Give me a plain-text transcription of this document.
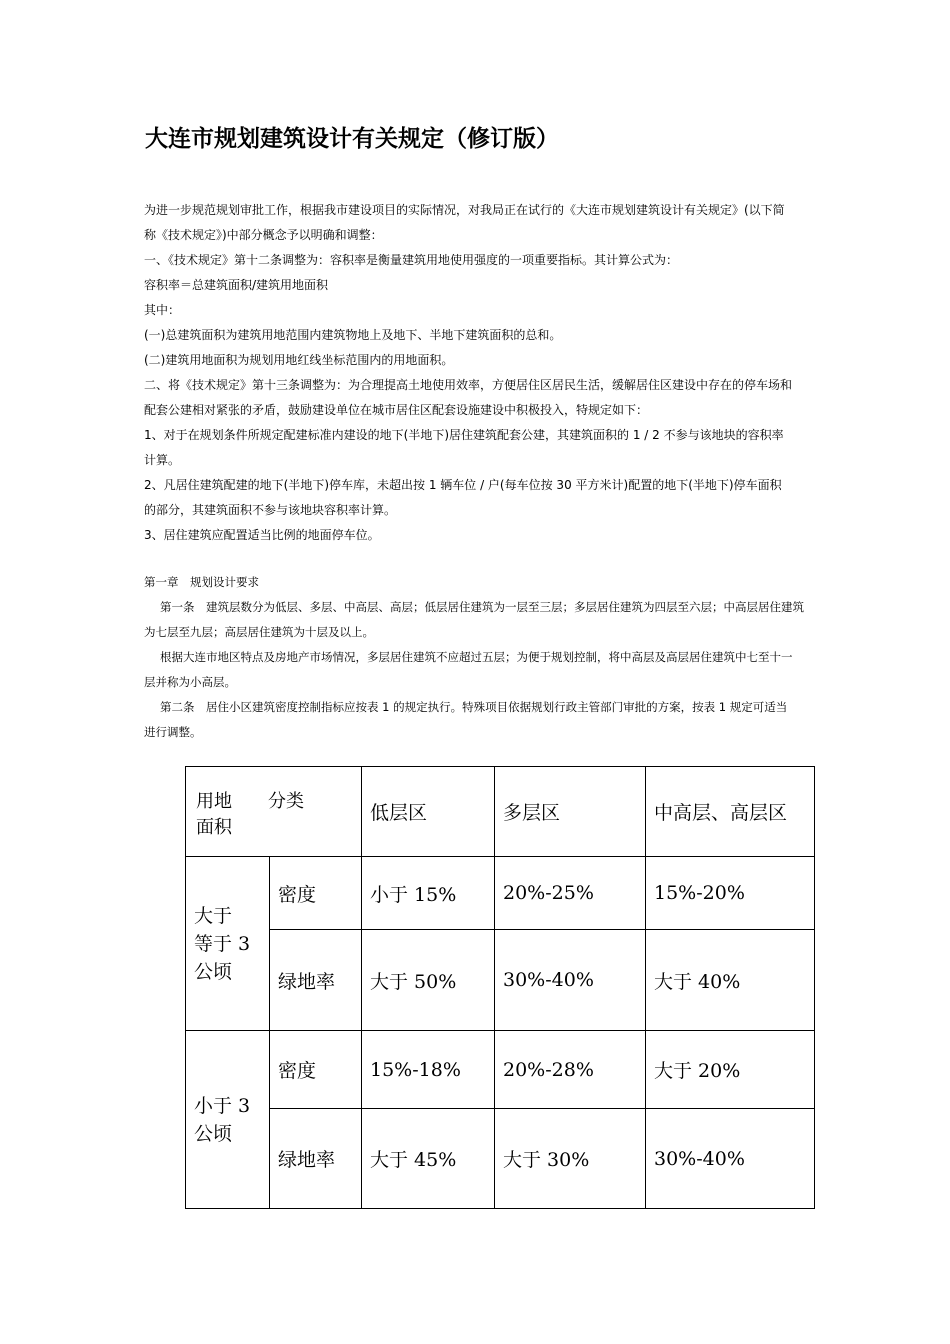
大连市规划建筑设计有关规定（修订版）
为进一步规范规划审批工作，根据我市建设项目的实际情况，对我局正在试行的《大连市规划建筑设计有关规定》(以下简
称《技术规定》)中部分概念予以明确和调整：
一、《技术规定》第十二条调整为：容积率是衡量建筑用地使用强度的一项重要指标。其计算公式为：
容积率＝总建筑面积/建筑用地面积
其中：
(一)总建筑面积为建筑用地范围内建筑物地上及地下、半地下建筑面积的总和。
(二)建筑用地面积为规划用地红线坐标范围内的用地面积。
二、将《技术规定》第十三条调整为：为合理提高土地使用效率，方便居住区居民生活，缓解居住区建设中存在的停车场和
配套公建相对紧张的矛盾，鼓励建设单位在城市居住区配套设施建设中积极投入，特规定如下：
1、对于在规划条件所规定配建标准内建设的地下(半地下)居住建筑配套公建，其建筑面积的 1 / 2 不参与该地块的容积率
计算。
2、凡居住建筑配建的地下(半地下)停车库，未超出按 1 辆车位 / 户(每车位按 30 平方米计)配置的地下(半地下)停车面积
的部分，其建筑面积不参与该地块容积率计算。
3、居住建筑应配置适当比例的地面停车位。
第一章　规划设计要求
第一条　建筑层数分为低层、多层、中高层、高层；低层居住建筑为一层至三层；多层居住建筑为四层至六层；中高层居住建筑
为七层至九层；高层居住建筑为十层及以上。
根据大连市地区特点及房地产市场情况，多层居住建筑不应超过五层；为便于规划控制，将中高层及高层居住建筑中七至十一
层并称为小高层。
第二条　居住小区建筑密度控制指标应按表 1 的规定执行。特殊项目依据规划行政主管部门审批的方案，按表 1 规定可适当
进行调整。
用地　　分类
面积		低层区	多层区	中高层、高层区

大于
等于 3
公顷	密度	小于 15%	20%-25%	15%-20%
	绿地率	大于 50%	30%-40%	大于 40%

小于 3
公顷	密度	15%-18%	20%-28%	大于 20%
	绿地率	大于 45%	大于 30%	30%-40%
